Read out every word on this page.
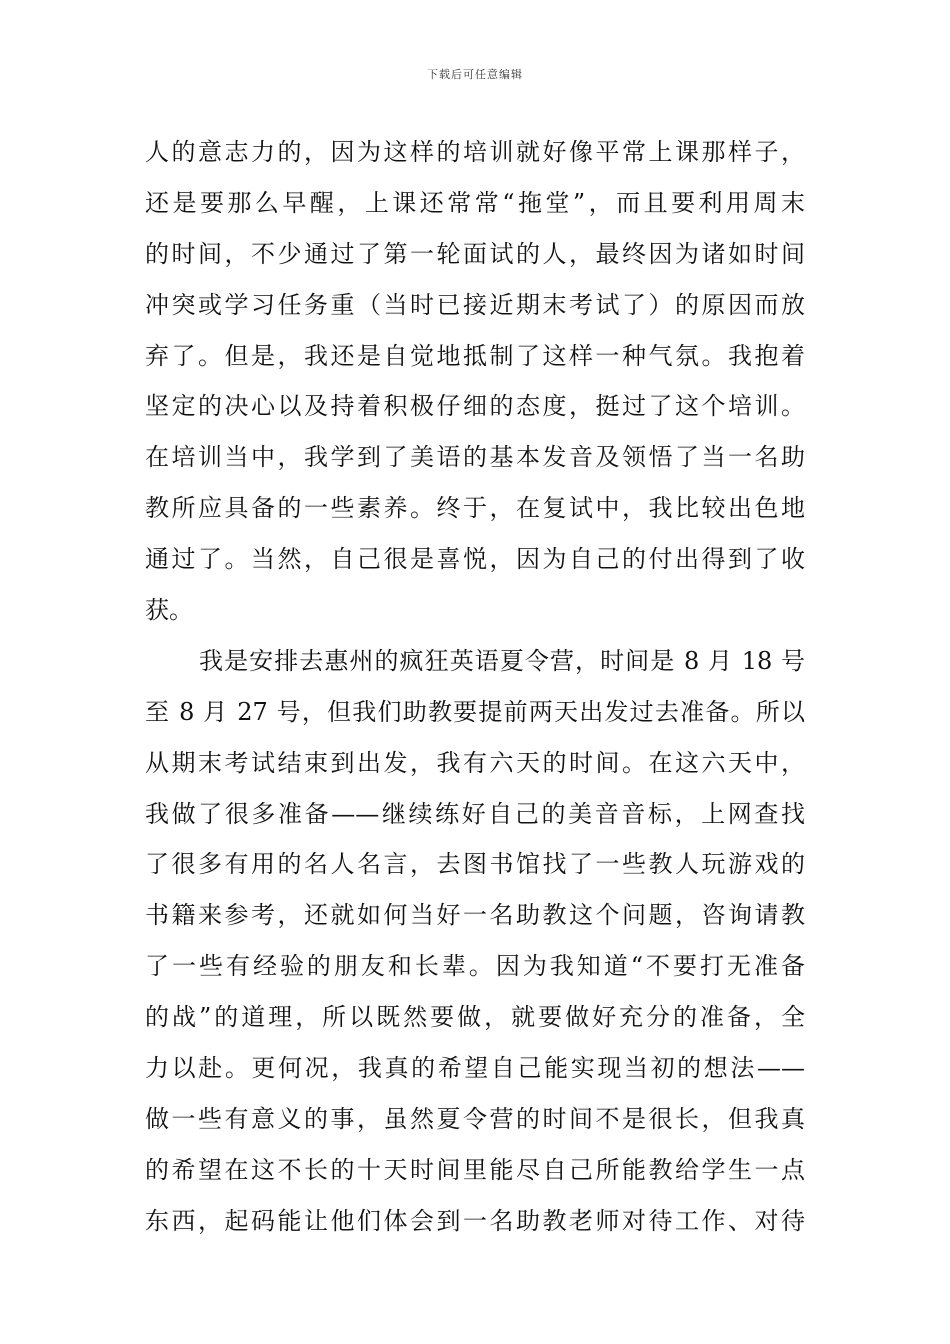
下载后可任意编辑
人的意志力的，因为这样的培训就好像平常上课那样子，
还是要那么早醒，上课还常常“拖堂”，而且要利用周末
的时间，不少通过了第一轮面试的人，最终因为诸如时间
冲突或学习任务重（当时已接近期末考试了）的原因而放
弃了。但是，我还是自觉地抵制了这样一种气氛。我抱着
坚定的决心以及持着积极仔细的态度，挺过了这个培训。
在培训当中，我学到了美语的基本发音及领悟了当一名助
教所应具备的一些素养。终于，在复试中，我比较出色地
通过了。当然，自己很是喜悦，因为自己的付出得到了收
获。
我是安排去惠州的疯狂英语夏令营，时间是 8 月 18 号
至 8 月 27 号，但我们助教要提前两天出发过去准备。所以
从期末考试结束到出发，我有六天的时间。在这六天中，
我做了很多准备——继续练好自己的美音音标，上网查找
了很多有用的名人名言，去图书馆找了一些教人玩游戏的
书籍来参考，还就如何当好一名助教这个问题，咨询请教
了一些有经验的朋友和长辈。因为我知道“不要打无准备
的战”的道理，所以既然要做，就要做好充分的准备，全
力以赴。更何况，我真的希望自己能实现当初的想法——
做一些有意义的事，虽然夏令营的时间不是很长，但我真
的希望在这不长的十天时间里能尽自己所能教给学生一点
东西，起码能让他们体会到一名助教老师对待工作、对待
